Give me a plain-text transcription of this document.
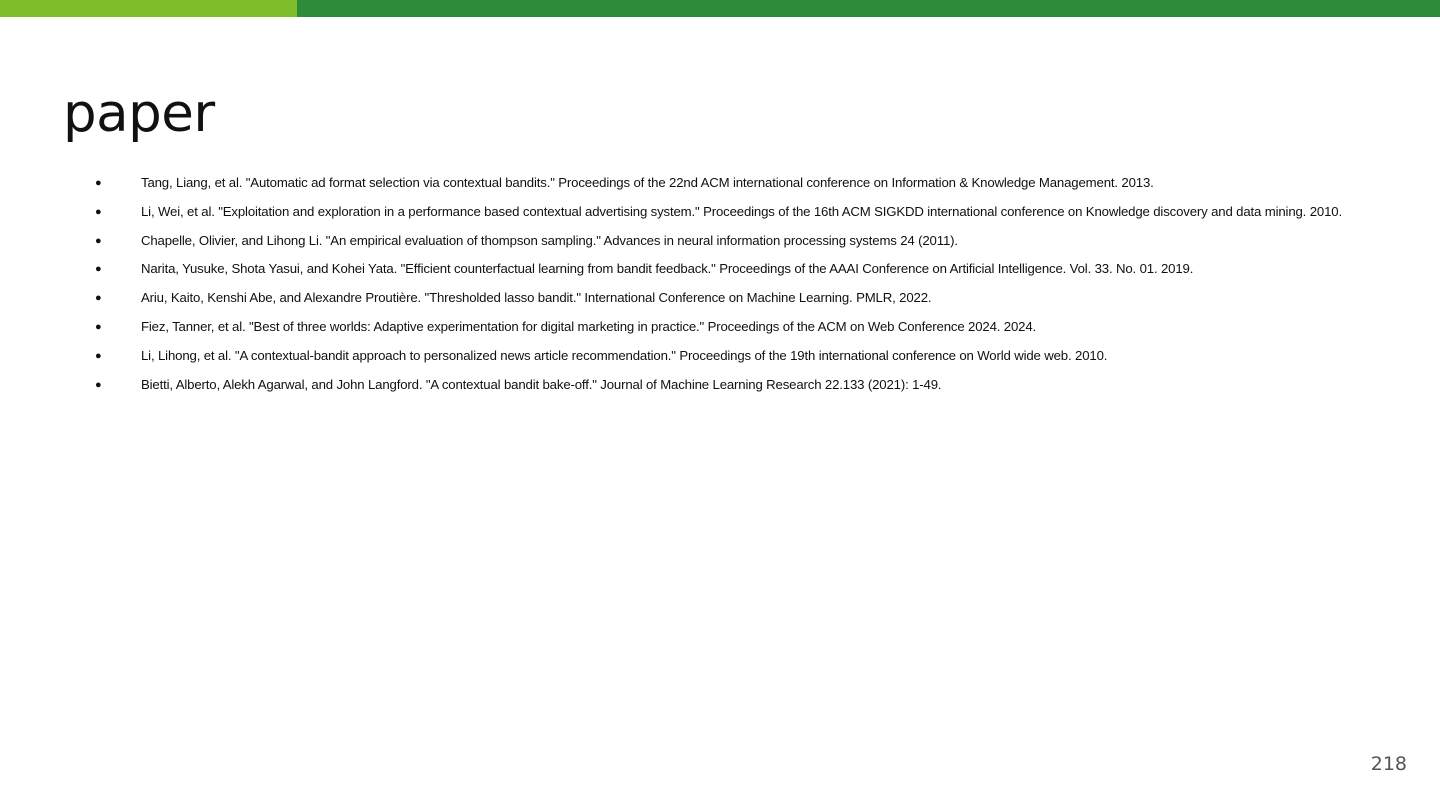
paper
●	Tang, Liang, et al. "Automatic ad format selection via contextual bandits." Proceedings of the 22nd ACM international conference on Information & Knowledge Management. 2013.
●	Li, Wei, et al. "Exploitation and exploration in a performance based contextual advertising system." Proceedings of the 16th ACM SIGKDD international conference on Knowledge discovery and data mining. 2010.
●	Chapelle, Olivier, and Lihong Li. "An empirical evaluation of thompson sampling." Advances in neural information processing systems 24 (2011).
●	Narita, Yusuke, Shota Yasui, and Kohei Yata. "Efficient counterfactual learning from bandit feedback." Proceedings of the AAAI Conference on Artificial Intelligence. Vol. 33. No. 01. 2019.
●	Ariu, Kaito, Kenshi Abe, and Alexandre Proutière. "Thresholded lasso bandit." International Conference on Machine Learning. PMLR, 2022.
●	Fiez, Tanner, et al. "Best of three worlds: Adaptive experimentation for digital marketing in practice." Proceedings of the ACM on Web Conference 2024. 2024.
●	Li, Lihong, et al. "A contextual-bandit approach to personalized news article recommendation." Proceedings of the 19th international conference on World wide web. 2010.
●	Bietti, Alberto, Alekh Agarwal, and John Langford. "A contextual bandit bake-off." Journal of Machine Learning Research 22.133 (2021): 1-49.
218
